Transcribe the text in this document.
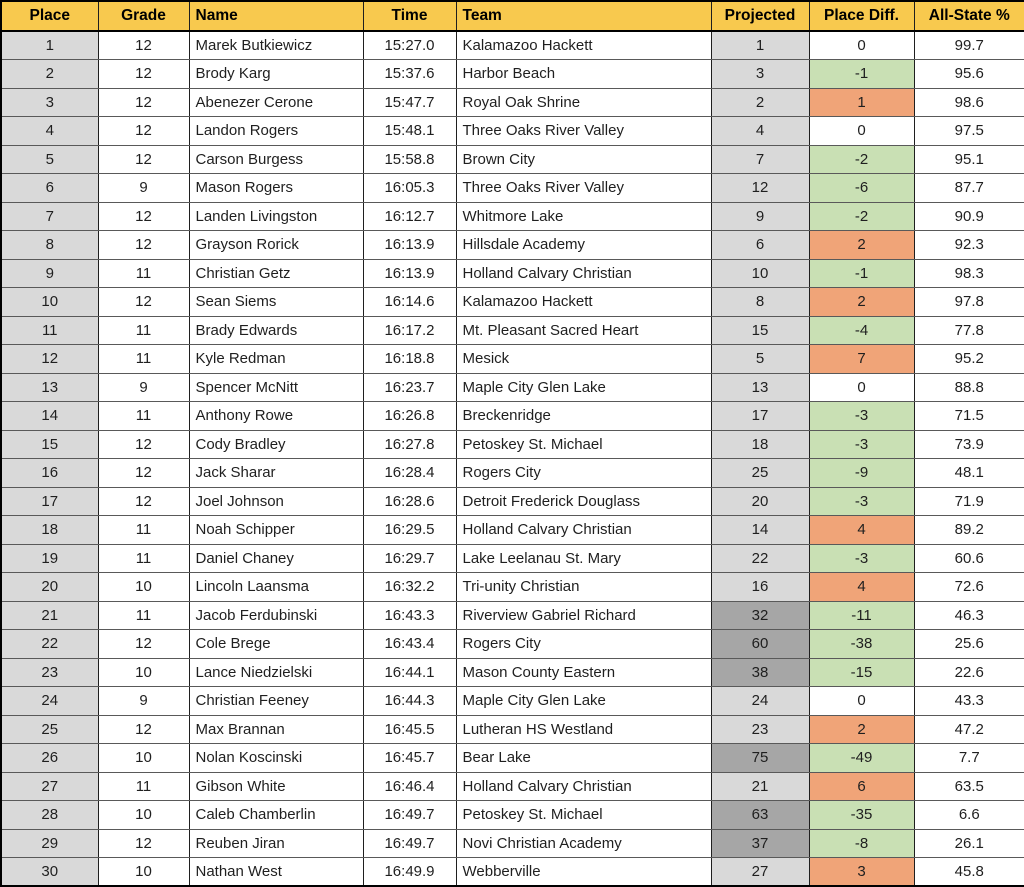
Place	Grade	Name	Time	Team	Projected	Place Diff.	All-State %
1	12	Marek Butkiewicz	15:27.0	Kalamazoo Hackett	1	0	99.7
2	12	Brody Karg	15:37.6	Harbor Beach	3	-1	95.6
3	12	Abenezer Cerone	15:47.7	Royal Oak Shrine	2	1	98.6
4	12	Landon Rogers	15:48.1	Three Oaks River Valley	4	0	97.5
5	12	Carson Burgess	15:58.8	Brown City	7	-2	95.1
6	9	Mason Rogers	16:05.3	Three Oaks River Valley	12	-6	87.7
7	12	Landen Livingston	16:12.7	Whitmore Lake	9	-2	90.9
8	12	Grayson Rorick	16:13.9	Hillsdale Academy	6	2	92.3
9	11	Christian Getz	16:13.9	Holland Calvary Christian	10	-1	98.3
10	12	Sean Siems	16:14.6	Kalamazoo Hackett	8	2	97.8
11	11	Brady Edwards	16:17.2	Mt. Pleasant Sacred Heart	15	-4	77.8
12	11	Kyle Redman	16:18.8	Mesick	5	7	95.2
13	9	Spencer McNitt	16:23.7	Maple City Glen Lake	13	0	88.8
14	11	Anthony Rowe	16:26.8	Breckenridge	17	-3	71.5
15	12	Cody Bradley	16:27.8	Petoskey St. Michael	18	-3	73.9
16	12	Jack Sharar	16:28.4	Rogers City	25	-9	48.1
17	12	Joel Johnson	16:28.6	Detroit Frederick Douglass	20	-3	71.9
18	11	Noah Schipper	16:29.5	Holland Calvary Christian	14	4	89.2
19	11	Daniel Chaney	16:29.7	Lake Leelanau St. Mary	22	-3	60.6
20	10	Lincoln Laansma	16:32.2	Tri-unity Christian	16	4	72.6
21	11	Jacob Ferdubinski	16:43.3	Riverview Gabriel Richard	32	-11	46.3
22	12	Cole Brege	16:43.4	Rogers City	60	-38	25.6
23	10	Lance Niedzielski	16:44.1	Mason County Eastern	38	-15	22.6
24	9	Christian Feeney	16:44.3	Maple City Glen Lake	24	0	43.3
25	12	Max Brannan	16:45.5	Lutheran HS Westland	23	2	47.2
26	10	Nolan Koscinski	16:45.7	Bear Lake	75	-49	7.7
27	11	Gibson White	16:46.4	Holland Calvary Christian	21	6	63.5
28	10	Caleb Chamberlin	16:49.7	Petoskey St. Michael	63	-35	6.6
29	12	Reuben Jiran	16:49.7	Novi Christian Academy	37	-8	26.1
30	10	Nathan West	16:49.9	Webberville	27	3	45.8
